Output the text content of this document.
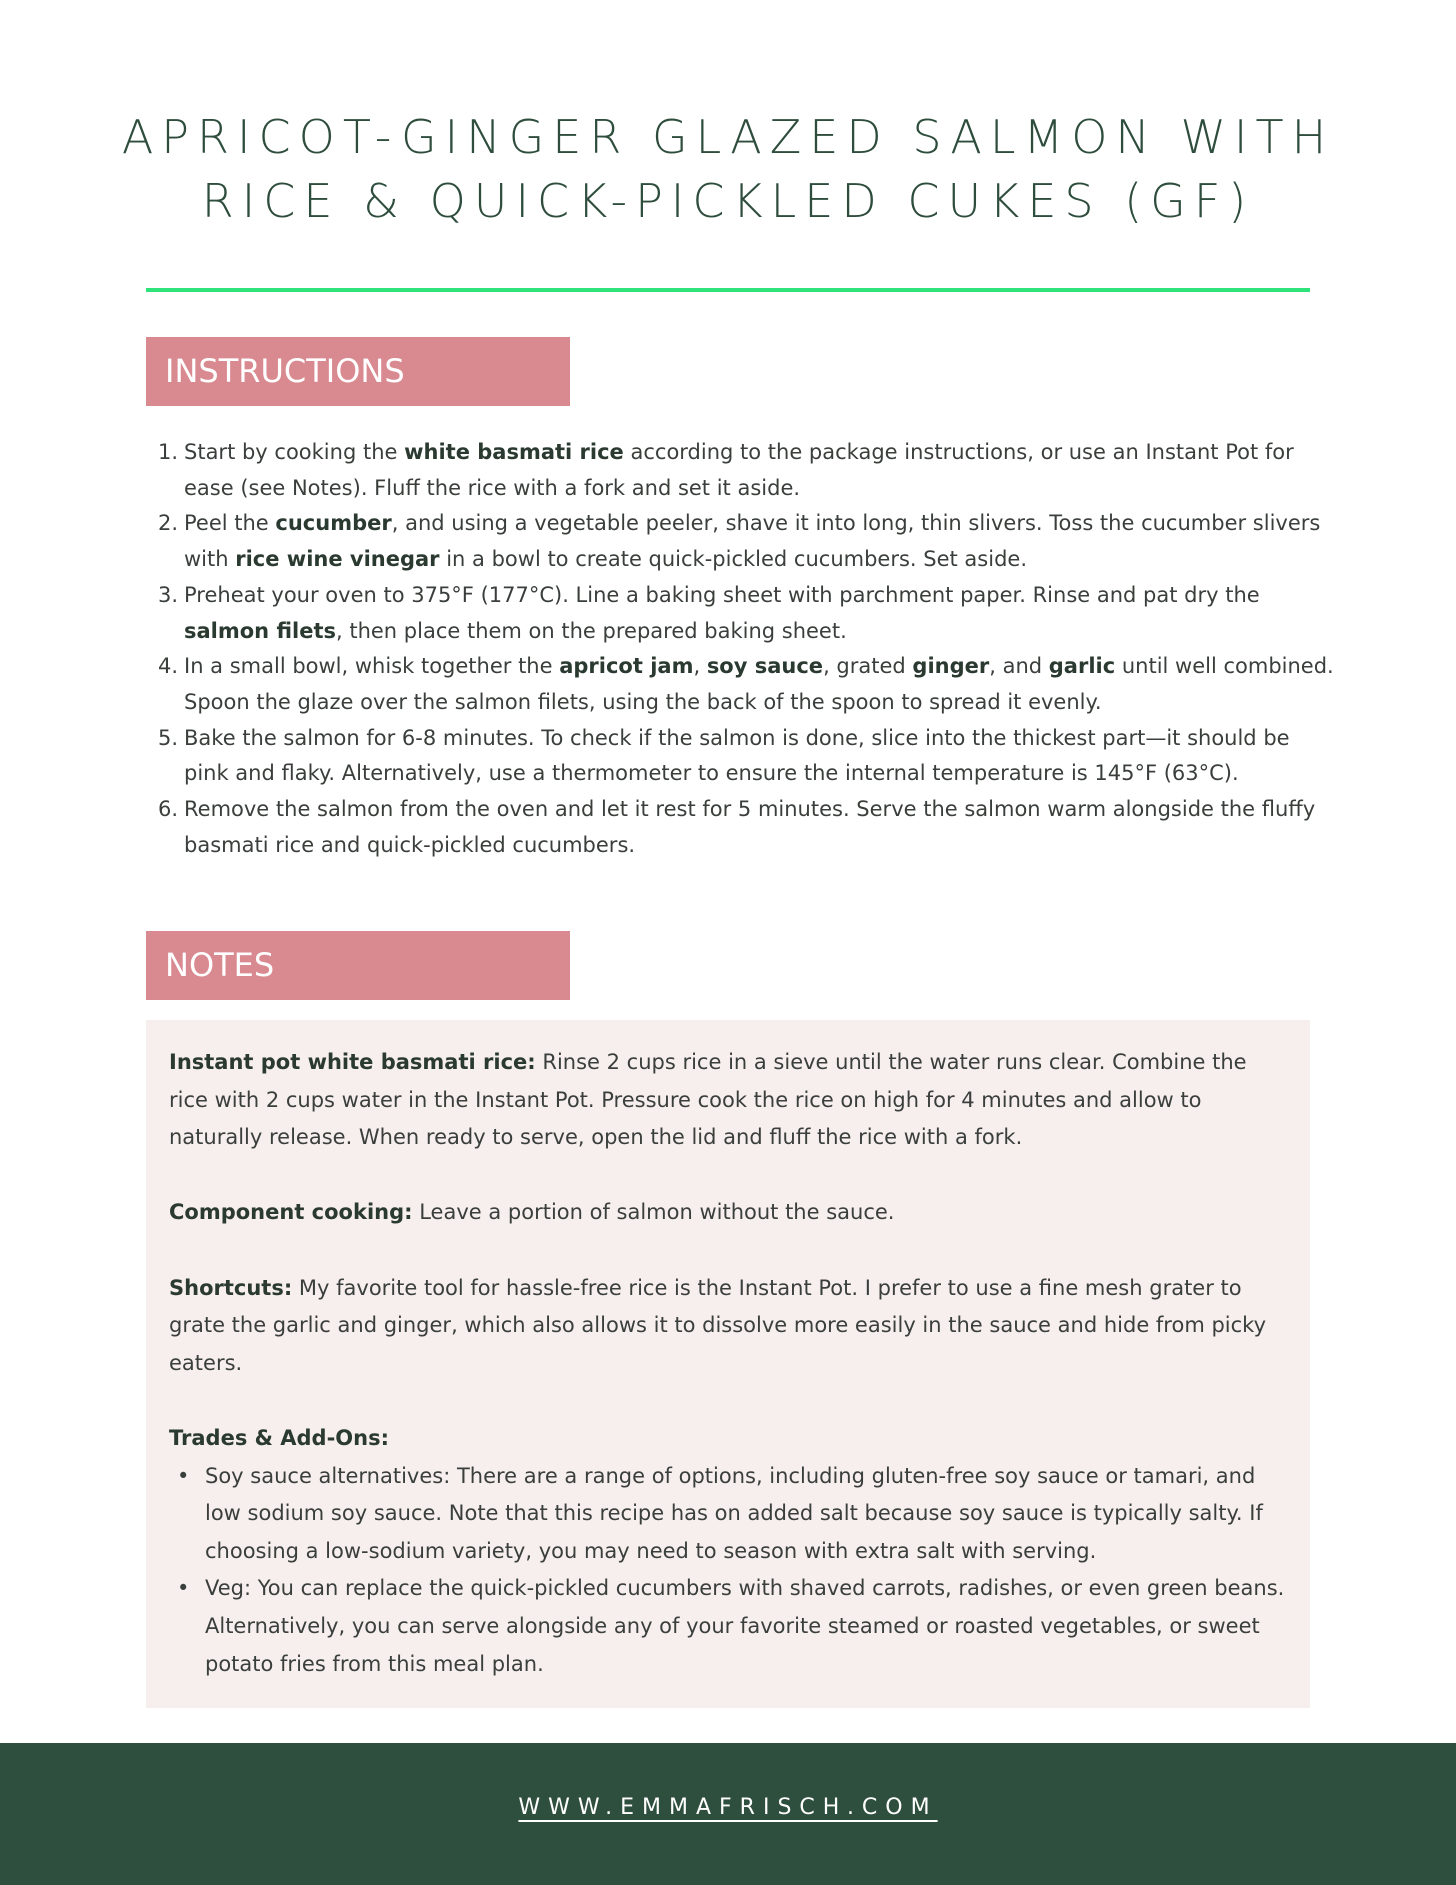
APRICOT-GINGER GLAZED SALMON WITH
RICE & QUICK-PICKLED CUKES (GF)
INSTRUCTIONS
1. Start by cooking the white basmati rice according to the package instructions, or use an Instant Pot for ease (see Notes). Fluff the rice with a fork and set it aside.
2. Peel the cucumber, and using a vegetable peeler, shave it into long, thin slivers. Toss the cucumber slivers with rice wine vinegar in a bowl to create quick-pickled cucumbers. Set aside.
3. Preheat your oven to 375°F (177°C). Line a baking sheet with parchment paper. Rinse and pat dry the salmon filets, then place them on the prepared baking sheet.
4. In a small bowl, whisk together the apricot jam, soy sauce, grated ginger, and garlic until well combined. Spoon the glaze over the salmon filets, using the back of the spoon to spread it evenly.
5. Bake the salmon for 6-8 minutes. To check if the salmon is done, slice into the thickest part—it should be pink and flaky. Alternatively, use a thermometer to ensure the internal temperature is 145°F (63°C).
6. Remove the salmon from the oven and let it rest for 5 minutes. Serve the salmon warm alongside the fluffy basmati rice and quick-pickled cucumbers.
NOTES

Instant pot white basmati rice: Rinse 2 cups rice in a sieve until the water runs clear. Combine the rice with 2 cups water in the Instant Pot. Pressure cook the rice on high for 4 minutes and allow to naturally release. When ready to serve, open the lid and fluff the rice with a fork.

Component cooking: Leave a portion of salmon without the sauce.

Shortcuts: My favorite tool for hassle-free rice is the Instant Pot. I prefer to use a fine mesh grater to grate the garlic and ginger, which also allows it to dissolve more easily in the sauce and hide from picky eaters.

Trades & Add-Ons:

• Soy sauce alternatives: There are a range of options, including gluten-free soy sauce or tamari, and low sodium soy sauce. Note that this recipe has on added salt because soy sauce is typically salty. If choosing a low-sodium variety, you may need to season with extra salt with serving.
• Veg: You can replace the quick-pickled cucumbers with shaved carrots, radishes, or even green beans. Alternatively, you can serve alongside any of your favorite steamed or roasted vegetables, or sweet potato fries from this meal plan.
WWW.EMMAFRISCH.COM
